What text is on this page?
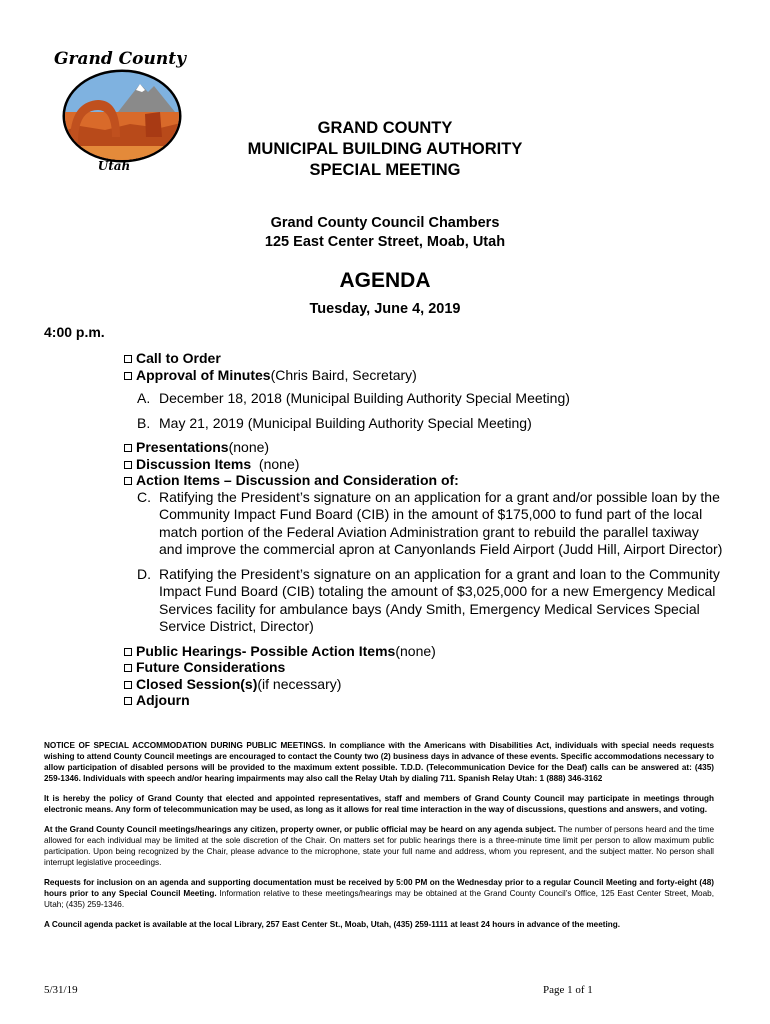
Grand County
Utah
GRAND COUNTY
MUNICIPAL BUILDING AUTHORITY
SPECIAL MEETING
Grand County Council Chambers
125 East Center Street, Moab, Utah
AGENDA
Tuesday, June 4, 2019
4:00 p.m.
Call to Order
Approval of Minutes (Chris Baird, Secretary)
A. December 18, 2018 (Municipal Building Authority Special Meeting)
B. May 21, 2019 (Municipal Building Authority Special Meeting)
Presentations (none)
Discussion Items (none)
Action Items – Discussion and Consideration of:
C. Ratifying the President’s signature on an application for a grant and/or possible loan by the Community Impact Fund Board (CIB) in the amount of $175,000 to fund part of the local match portion of the Federal Aviation Administration grant to rebuild the parallel taxiway and improve the commercial apron at Canyonlands Field Airport (Judd Hill, Airport Director)
D. Ratifying the President’s signature on an application for a grant and loan to the Community Impact Fund Board (CIB) totaling the amount of $3,025,000 for a new Emergency Medical Services facility for ambulance bays (Andy Smith, Emergency Medical Services Special Service District, Director)
Public Hearings- Possible Action Items (none)
Future Considerations
Closed Session(s) (if necessary)
Adjourn

NOTICE OF SPECIAL ACCOMMODATION DURING PUBLIC MEETINGS. In compliance with the Americans with Disabilities Act, individuals with special needs requests wishing to attend County Council meetings are encouraged to contact the County two (2) business days in advance of these events. Specific accommodations necessary to allow participation of disabled persons will be provided to the maximum extent possible. T.D.D. (Telecommunication Device for the Deaf) calls can be answered at: (435) 259-1346. Individuals with speech and/or hearing impairments may also call the Relay Utah by dialing 711. Spanish Relay Utah: 1 (888) 346-3162

It is hereby the policy of Grand County that elected and appointed representatives, staff and members of Grand County Council may participate in meetings through electronic means. Any form of telecommunication may be used, as long as it allows for real time interaction in the way of discussions, questions and answers, and voting.

At the Grand County Council meetings/hearings any citizen, property owner, or public official may be heard on any agenda subject. The number of persons heard and the time allowed for each individual may be limited at the sole discretion of the Chair. On matters set for public hearings there is a three-minute time limit per person to allow maximum public participation. Upon being recognized by the Chair, please advance to the microphone, state your full name and address, whom you represent, and the subject matter. No person shall interrupt legislative proceedings.

Requests for inclusion on an agenda and supporting documentation must be received by 5:00 PM on the Wednesday prior to a regular Council Meeting and forty-eight (48) hours prior to any Special Council Meeting. Information relative to these meetings/hearings may be obtained at the Grand County Council’s Office, 125 East Center Street, Moab, Utah; (435) 259-1346.

A Council agenda packet is available at the local Library, 257 East Center St., Moab, Utah, (435) 259-1111 at least 24 hours in advance of the meeting.

5/31/19	Page 1 of 1
